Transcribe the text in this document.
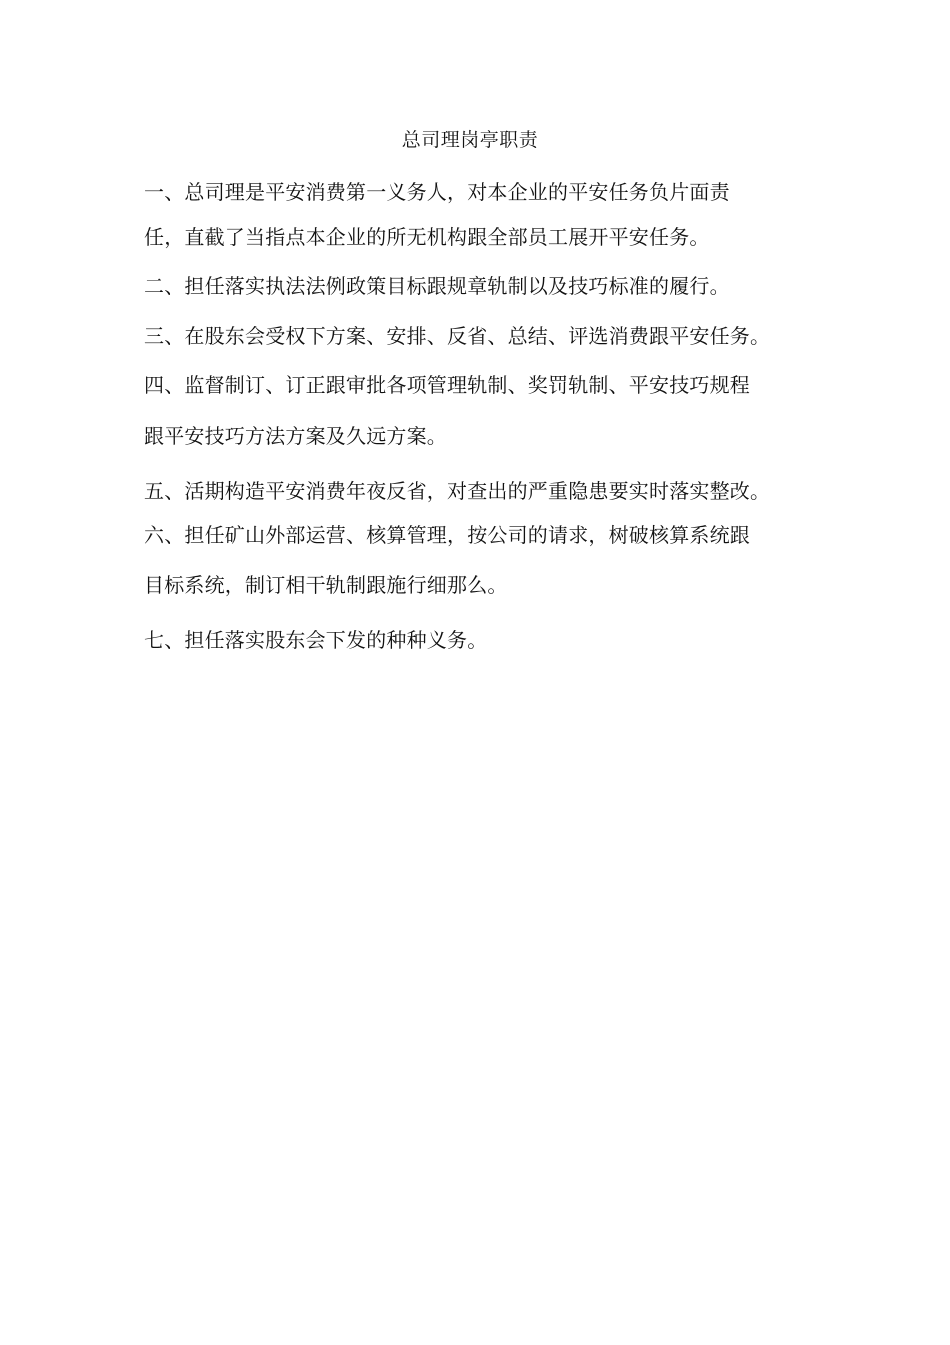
总司理岗亭职责
一、总司理是平安消费第一义务人，对本企业的平安任务负片面责
任，直截了当指点本企业的所无机构跟全部员工展开平安任务。
二、担任落实执法法例政策目标跟规章轨制以及技巧标准的履行。
三、在股东会受权下方案、安排、反省、总结、评选消费跟平安任务。
四、监督制订、订正跟审批各项管理轨制、奖罚轨制、平安技巧规程
跟平安技巧方法方案及久远方案。
五、活期构造平安消费年夜反省，对查出的严重隐患要实时落实整改。
六、担任矿山外部运营、核算管理，按公司的请求，树破核算系统跟
目标系统，制订相干轨制跟施行细那么。
七、担任落实股东会下发的种种义务。
